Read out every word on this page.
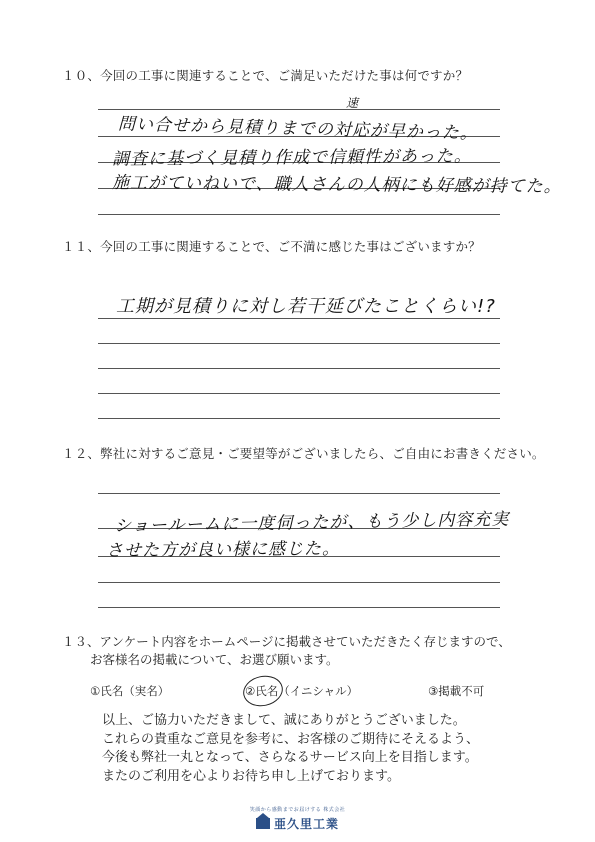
１０、今回の工事に関連することで、ご満足いただけた事は何ですか？
速
問い合せから見積りまでの対応が早かった。
調査に基づく見積り作成で信頼性があった。
施工がていねいで、職人さんの人柄にも好感が持てた。
１１、今回の工事に関連することで、ご不満に感じた事はございますか？
工期が見積りに対し若干延びたことくらい!?
１２、弊社に対するご意見・ご要望等がございましたら、ご自由にお書きください。
ショールームに一度伺ったが、もう少し内容充実
させた方が良い様に感じた。
１３、アンケート内容をホームページに掲載させていただきたく存じますので、
お客様名の掲載について、お選び願います。
①氏名（実名）	②氏名（イニシャル）	③掲載不可
以上、ご協力いただきまして、誠にありがとうございました。
これらの貴重なご意見を参考に、お客様のご期待にそえるよう、
今後も弊社一丸となって、さらなるサービス向上を目指します。
またのご利用を心よりお待ち申し上げております。
笑顔から感動までお届けする 株式会社
亜久里工業
